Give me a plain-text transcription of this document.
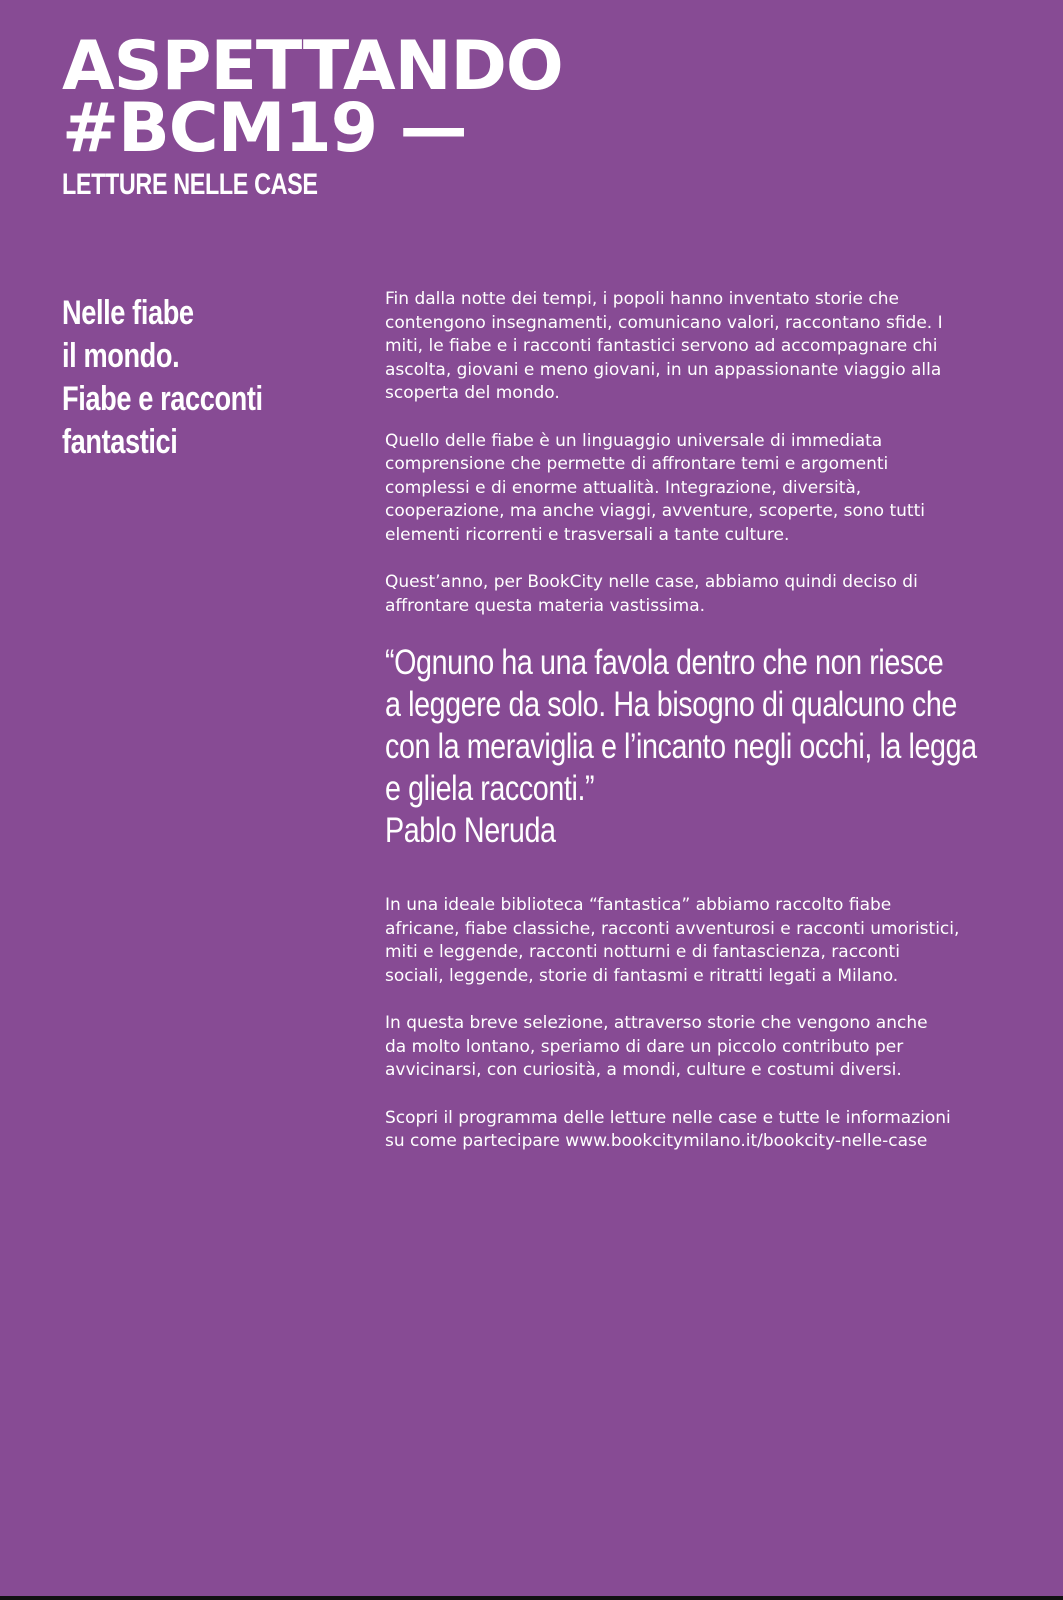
ASPETTANDO
#BCM19 —
LETTURE NELLE CASE
Nelle fiabe
il mondo.
Fiabe e racconti
fantastici

Fin dalla notte dei tempi, i popoli hanno inventato storie che
contengono insegnamenti, comunicano valori, raccontano sfide. I
miti, le fiabe e i racconti fantastici servono ad accompagnare chi
ascolta, giovani e meno giovani, in un appassionante viaggio alla
scoperta del mondo.

Quello delle fiabe è un linguaggio universale di immediata
comprensione che permette di affrontare temi e argomenti
complessi e di enorme attualità. Integrazione, diversità,
cooperazione, ma anche viaggi, avventure, scoperte, sono tutti
elementi ricorrenti e trasversali a tante culture.

Quest’anno, per BookCity nelle case, abbiamo quindi deciso di
affrontare questa materia vastissima.

“Ognuno ha una favola dentro che non riesce
a leggere da solo. Ha bisogno di qualcuno che
con la meraviglia e l’incanto negli occhi, la legga
e gliela racconti.”
Pablo Neruda

In una ideale biblioteca “fantastica” abbiamo raccolto fiabe
africane, fiabe classiche, racconti avventurosi e racconti umoristici,
miti e leggende, racconti notturni e di fantascienza, racconti
sociali, leggende, storie di fantasmi e ritratti legati a Milano.

In questa breve selezione, attraverso storie che vengono anche
da molto lontano, speriamo di dare un piccolo contributo per
avvicinarsi, con curiosità, a mondi, culture e costumi diversi.

Scopri il programma delle letture nelle case e tutte le informazioni
su come partecipare www.bookcitymilano.it/bookcity-nelle-case
